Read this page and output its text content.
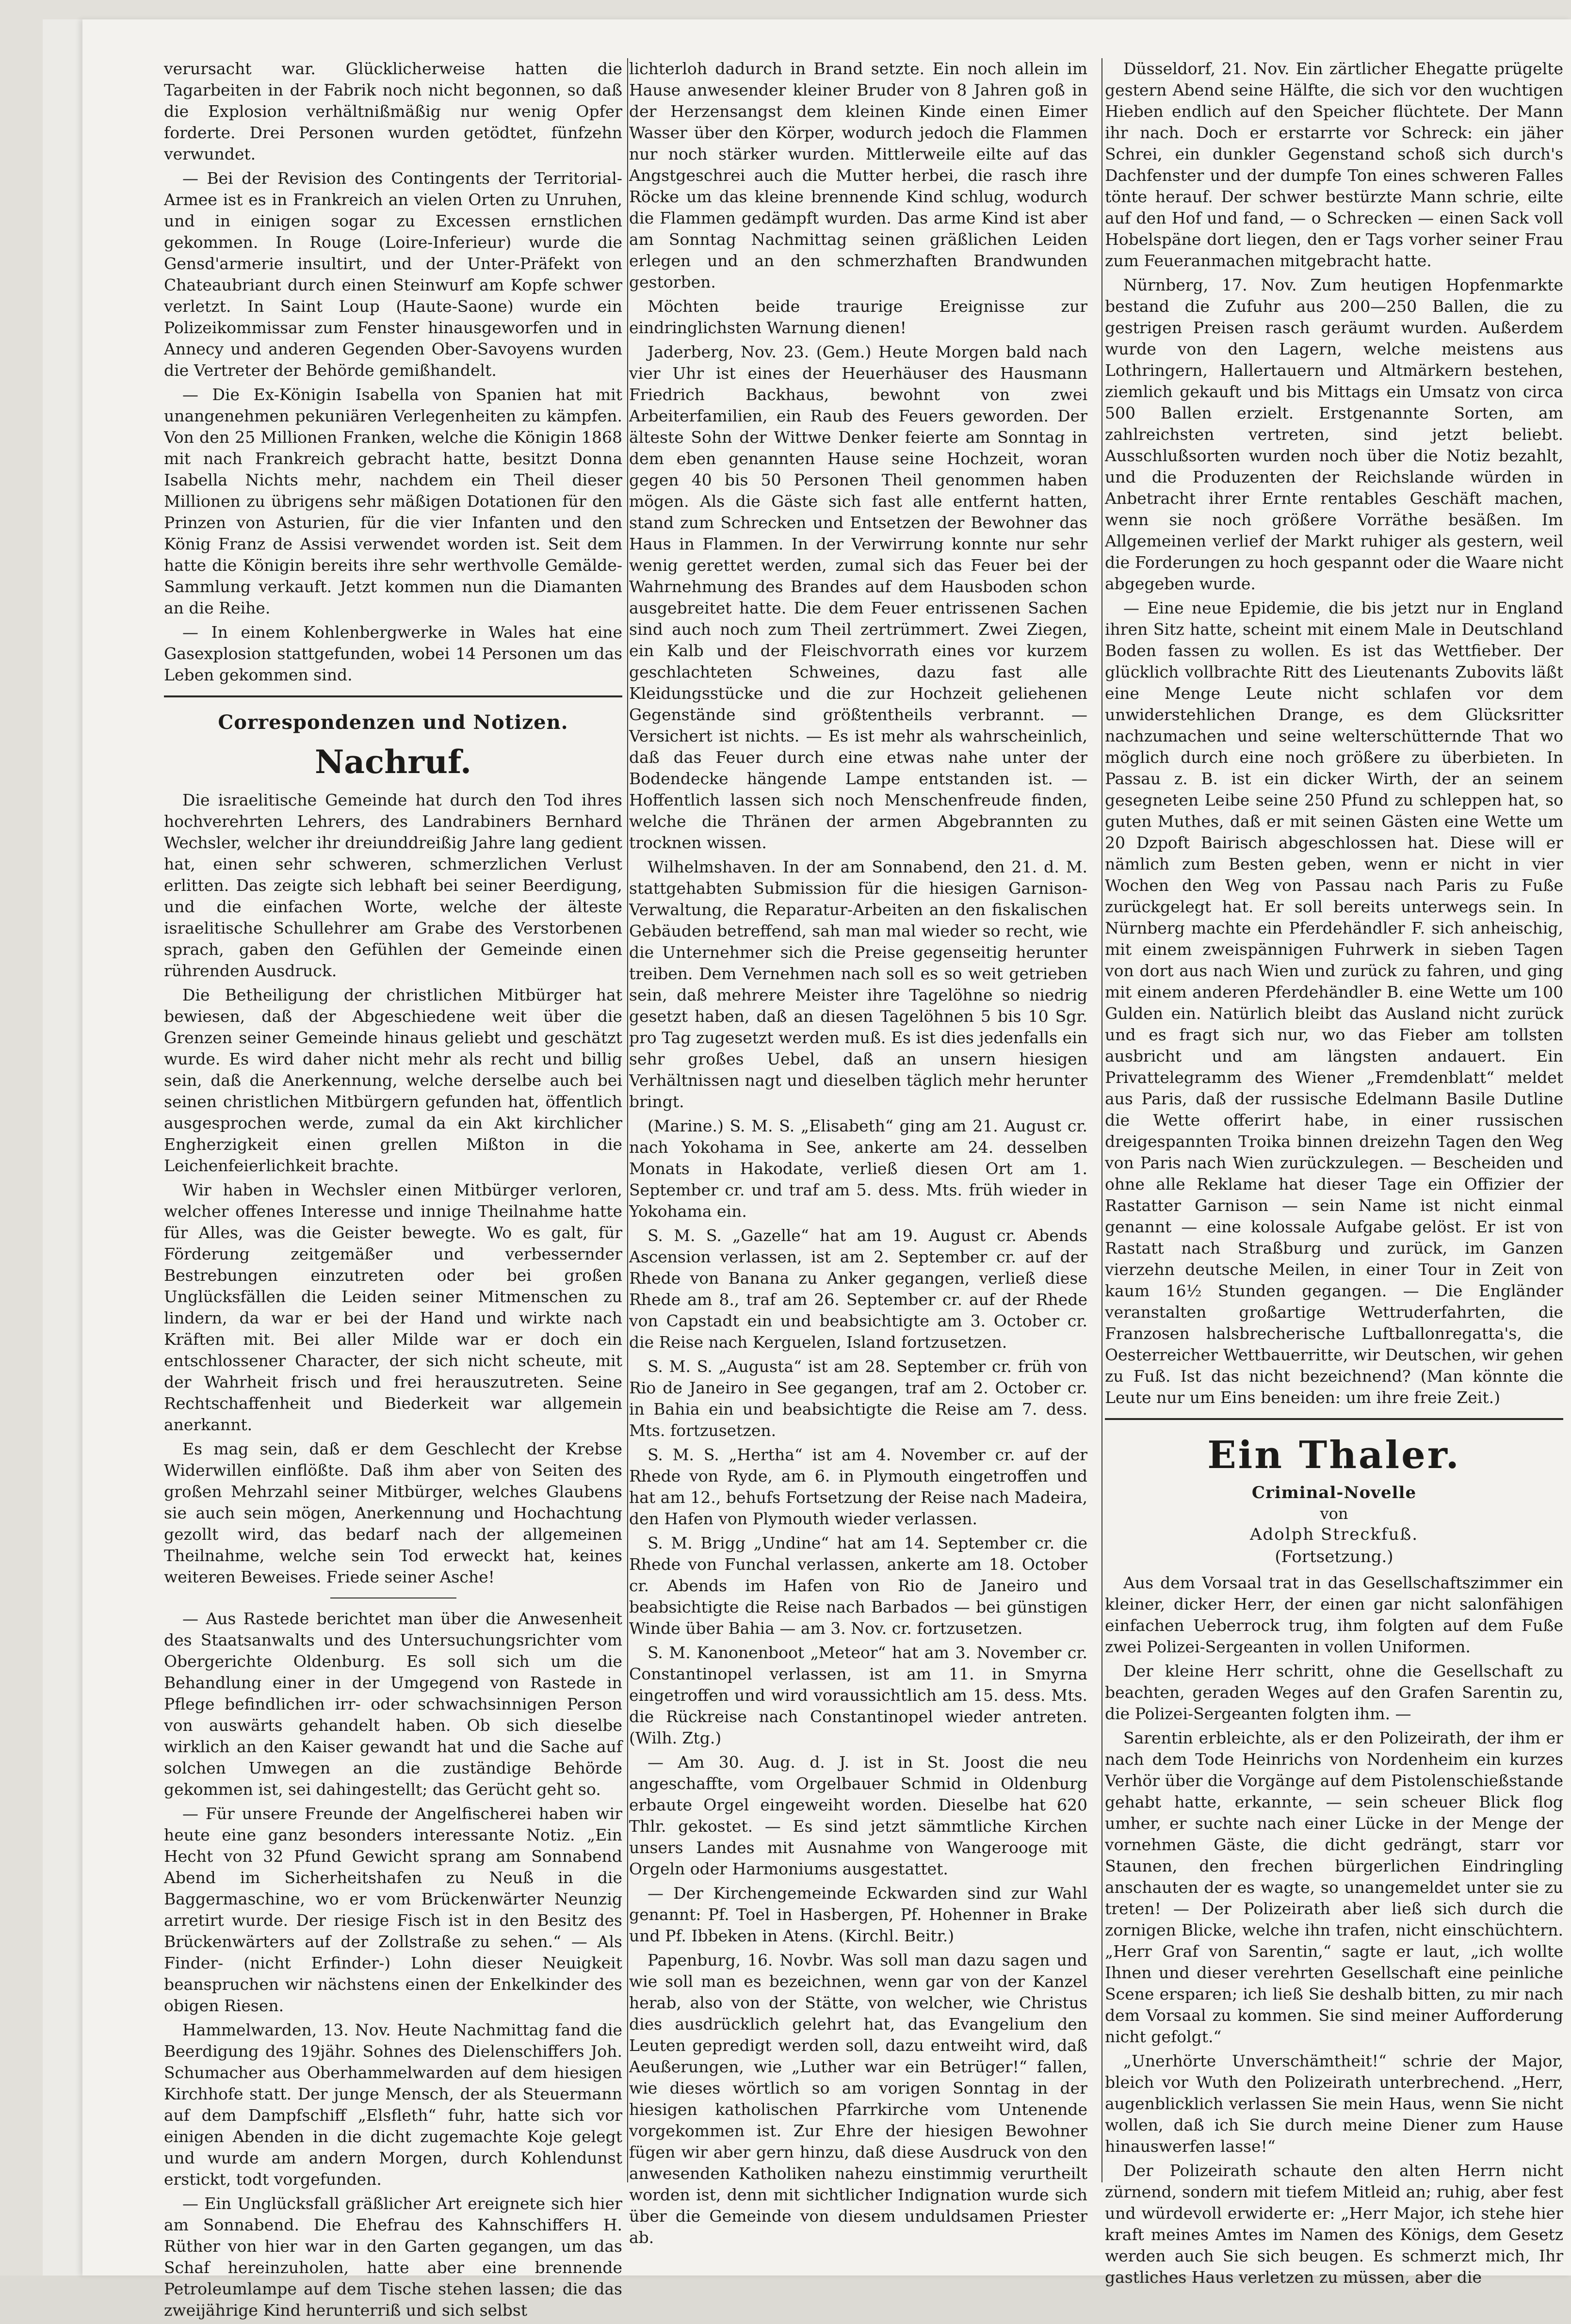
verursacht war. Glücklicherweise hatten die Tagarbeiten in der Fabrik noch nicht begonnen, so daß die Explosion verhältnißmäßig nur wenig Opfer forderte. Drei Personen wurden getödtet, fünfzehn verwundet.

— Bei der Revision des Contingents der Territorial-Armee ist es in Frankreich an vielen Orten zu Unruhen, und in einigen sogar zu Excessen ernstlichen gekommen. In Rouge (Loire-Inferieur) wurde die Gensd'armerie insultirt, und der Unter-Präfekt von Chateaubriant durch einen Steinwurf am Kopfe schwer verletzt. In Saint Loup (Haute-Saone) wurde ein Polizeikommissar zum Fenster hinausgeworfen und in Annecy und anderen Gegenden Ober-Savoyens wurden die Vertreter der Behörde gemißhandelt.

— Die Ex-Königin Isabella von Spanien hat mit unangenehmen pekuniären Verlegenheiten zu kämpfen. Von den 25 Millionen Franken, welche die Königin 1868 mit nach Frankreich gebracht hatte, besitzt Donna Isabella Nichts mehr, nachdem ein Theil dieser Millionen zu übrigens sehr mäßigen Dotationen für den Prinzen von Asturien, für die vier Infanten und den König Franz de Assisi verwendet worden ist. Seit dem hatte die Königin bereits ihre sehr werthvolle Gemälde-Sammlung verkauft. Jetzt kommen nun die Diamanten an die Reihe.

— In einem Kohlenbergwerke in Wales hat eine Gasexplosion stattgefunden, wobei 14 Personen um das Leben gekommen sind.

Correspondenzen und Notizen.
Nachruf.

Die israelitische Gemeinde hat durch den Tod ihres hochverehrten Lehrers, des Landrabiners Bernhard Wechsler, welcher ihr dreiunddreißig Jahre lang gedient hat, einen sehr schweren, schmerzlichen Verlust erlitten. Das zeigte sich lebhaft bei seiner Beerdigung, und die einfachen Worte, welche der älteste israelitische Schullehrer am Grabe des Verstorbenen sprach, gaben den Gefühlen der Gemeinde einen rührenden Ausdruck.

Die Betheiligung der christlichen Mitbürger hat bewiesen, daß der Abgeschiedene weit über die Grenzen seiner Gemeinde hinaus geliebt und geschätzt wurde. Es wird daher nicht mehr als recht und billig sein, daß die Anerkennung, welche derselbe auch bei seinen christlichen Mitbürgern gefunden hat, öffentlich ausgesprochen werde, zumal da ein Akt kirchlicher Engherzigkeit einen grellen Mißton in die Leichenfeierlichkeit brachte.

Wir haben in Wechsler einen Mitbürger verloren, welcher offenes Interesse und innige Theilnahme hatte für Alles, was die Geister bewegte. Wo es galt, für Förderung zeitgemäßer und verbessernder Bestrebungen einzutreten oder bei großen Unglücksfällen die Leiden seiner Mitmenschen zu lindern, da war er bei der Hand und wirkte nach Kräften mit. Bei aller Milde war er doch ein entschlossener Character, der sich nicht scheute, mit der Wahrheit frisch und frei herauszutreten. Seine Rechtschaffenheit und Biederkeit war allgemein anerkannt.

Es mag sein, daß er dem Geschlecht der Krebse Widerwillen einflößte. Daß ihm aber von Seiten des großen Mehrzahl seiner Mitbürger, welches Glaubens sie auch sein mögen, Anerkennung und Hochachtung gezollt wird, das bedarf nach der allgemeinen Theilnahme, welche sein Tod erweckt hat, keines weiteren Beweises. Friede seiner Asche!

— Aus Rastede berichtet man über die Anwesenheit des Staatsanwalts und des Untersuchungsrichter vom Obergerichte Oldenburg. Es soll sich um die Behandlung einer in der Umgegend von Rastede in Pflege befindlichen irr- oder schwachsinnigen Person von auswärts gehandelt haben. Ob sich dieselbe wirklich an den Kaiser gewandt hat und die Sache auf solchen Umwegen an die zuständige Behörde gekommen ist, sei dahingestellt; das Gerücht geht so.

— Für unsere Freunde der Angelfischerei haben wir heute eine ganz besonders interessante Notiz. „Ein Hecht von 32 Pfund Gewicht sprang am Sonnabend Abend im Sicherheitshafen zu Neuß in die Baggermaschine, wo er vom Brückenwärter Neunzig arretirt wurde. Der riesige Fisch ist in den Besitz des Brückenwärters auf der Zollstraße zu sehen.“ — Als Finder- (nicht Erfinder-) Lohn dieser Neuigkeit beanspruchen wir nächstens einen der Enkelkinder des obigen Riesen.

Hammelwarden, 13. Nov. Heute Nachmittag fand die Beerdigung des 19jähr. Sohnes des Dielenschiffers Joh. Schumacher aus Oberhammelwarden auf dem hiesigen Kirchhofe statt. Der junge Mensch, der als Steuermann auf dem Dampfschiff „Elsfleth“ fuhr, hatte sich vor einigen Abenden in die dicht zugemachte Koje gelegt und wurde am andern Morgen, durch Kohlendunst erstickt, todt vorgefunden.

— Ein Unglücksfall gräßlicher Art ereignete sich hier am Sonnabend. Die Ehefrau des Kahnschiffers H. Rüther von hier war in den Garten gegangen, um das Schaf hereinzuholen, hatte aber eine brennende Petroleumlampe auf dem Tische stehen lassen; die das zweijährige Kind herunterriß und sich selbst

lichterloh dadurch in Brand setzte. Ein noch allein im Hause anwesender kleiner Bruder von 8 Jahren goß in der Herzensangst dem kleinen Kinde einen Eimer Wasser über den Körper, wodurch jedoch die Flammen nur noch stärker wurden. Mittlerweile eilte auf das Angstgeschrei auch die Mutter herbei, die rasch ihre Röcke um das kleine brennende Kind schlug, wodurch die Flammen gedämpft wurden. Das arme Kind ist aber am Sonntag Nachmittag seinen gräßlichen Leiden erlegen und an den schmerzhaften Brandwunden gestorben.

Möchten beide traurige Ereignisse zur eindringlichsten Warnung dienen!

Jaderberg, Nov. 23. (Gem.) Heute Morgen bald nach vier Uhr ist eines der Heuerhäuser des Hausmann Friedrich Backhaus, bewohnt von zwei Arbeiterfamilien, ein Raub des Feuers geworden. Der älteste Sohn der Wittwe Denker feierte am Sonntag in dem eben genannten Hause seine Hochzeit, woran gegen 40 bis 50 Personen Theil genommen haben mögen. Als die Gäste sich fast alle entfernt hatten, stand zum Schrecken und Entsetzen der Bewohner das Haus in Flammen. In der Verwirrung konnte nur sehr wenig gerettet werden, zumal sich das Feuer bei der Wahrnehmung des Brandes auf dem Hausboden schon ausgebreitet hatte. Die dem Feuer entrissenen Sachen sind auch noch zum Theil zertrümmert. Zwei Ziegen, ein Kalb und der Fleischvorrath eines vor kurzem geschlachteten Schweines, dazu fast alle Kleidungsstücke und die zur Hochzeit geliehenen Gegenstände sind größtentheils verbrannt. — Versichert ist nichts. — Es ist mehr als wahrscheinlich, daß das Feuer durch eine etwas nahe unter der Bodendecke hängende Lampe entstanden ist. — Hoffentlich lassen sich noch Menschenfreude finden, welche die Thränen der armen Abgebrannten zu trocknen wissen.

Wilhelmshaven. In der am Sonnabend, den 21. d. M. stattgehabten Submission für die hiesigen Garnison-Verwaltung, die Reparatur-Arbeiten an den fiskalischen Gebäuden betreffend, sah man mal wieder so recht, wie die Unternehmer sich die Preise gegenseitig herunter treiben. Dem Vernehmen nach soll es so weit getrieben sein, daß mehrere Meister ihre Tagelöhne so niedrig gesetzt haben, daß an diesen Tagelöhnen 5 bis 10 Sgr. pro Tag zugesetzt werden muß. Es ist dies jedenfalls ein sehr großes Uebel, daß an unsern hiesigen Verhältnissen nagt und dieselben täglich mehr herunter bringt.

(Marine.) S. M. S. „Elisabeth“ ging am 21. August cr. nach Yokohama in See, ankerte am 24. desselben Monats in Hakodate, verließ diesen Ort am 1. September cr. und traf am 5. dess. Mts. früh wieder in Yokohama ein.

S. M. S. „Gazelle“ hat am 19. August cr. Abends Ascension verlassen, ist am 2. September cr. auf der Rhede von Banana zu Anker gegangen, verließ diese Rhede am 8., traf am 26. September cr. auf der Rhede von Capstadt ein und beabsichtigte am 3. October cr. die Reise nach Kerguelen, Island fortzusetzen.

S. M. S. „Augusta“ ist am 28. September cr. früh von Rio de Janeiro in See gegangen, traf am 2. October cr. in Bahia ein und beabsichtigte die Reise am 7. dess. Mts. fortzusetzen.

S. M. S. „Hertha“ ist am 4. November cr. auf der Rhede von Ryde, am 6. in Plymouth eingetroffen und hat am 12., behufs Fortsetzung der Reise nach Madeira, den Hafen von Plymouth wieder verlassen.

S. M. Brigg „Undine“ hat am 14. September cr. die Rhede von Funchal verlassen, ankerte am 18. October cr. Abends im Hafen von Rio de Janeiro und beabsichtigte die Reise nach Barbados — bei günstigen Winde über Bahia — am 3. Nov. cr. fortzusetzen.

S. M. Kanonenboot „Meteor“ hat am 3. November cr. Constantinopel verlassen, ist am 11. in Smyrna eingetroffen und wird voraussichtlich am 15. dess. Mts. die Rückreise nach Constantinopel wieder antreten. (Wilh. Ztg.)

— Am 30. Aug. d. J. ist in St. Joost die neu angeschaffte, vom Orgelbauer Schmid in Oldenburg erbaute Orgel eingeweiht worden. Dieselbe hat 620 Thlr. gekostet. — Es sind jetzt sämmtliche Kirchen unsers Landes mit Ausnahme von Wangerooge mit Orgeln oder Harmoniums ausgestattet.

— Der Kirchengemeinde Eckwarden sind zur Wahl genannt: Pf. Toel in Hasbergen, Pf. Hohenner in Brake und Pf. Ibbeken in Atens. (Kirchl. Beitr.)

Papenburg, 16. Novbr. Was soll man dazu sagen und wie soll man es bezeichnen, wenn gar von der Kanzel herab, also von der Stätte, von welcher, wie Christus dies ausdrücklich gelehrt hat, das Evangelium den Leuten gepredigt werden soll, dazu entweiht wird, daß Aeußerungen, wie „Luther war ein Betrüger!“ fallen, wie dieses wörtlich so am vorigen Sonntag in der hiesigen katholischen Pfarrkirche vom Untenende vorgekommen ist. Zur Ehre der hiesigen Bewohner fügen wir aber gern hinzu, daß diese Ausdruck von den anwesenden Katholiken nahezu einstimmig verurtheilt worden ist, denn mit sichtlicher Indignation wurde sich über die Gemeinde von diesem unduldsamen Priester ab.

Düsseldorf, 21. Nov. Ein zärtlicher Ehegatte prügelte gestern Abend seine Hälfte, die sich vor den wuchtigen Hieben endlich auf den Speicher flüchtete. Der Mann ihr nach. Doch er erstarrte vor Schreck: ein jäher Schrei, ein dunkler Gegenstand schoß sich durch's Dachfenster und der dumpfe Ton eines schweren Falles tönte herauf. Der schwer bestürzte Mann schrie, eilte auf den Hof und fand, — o Schrecken — einen Sack voll Hobelspäne dort liegen, den er Tags vorher seiner Frau zum Feueranmachen mitgebracht hatte.

Nürnberg, 17. Nov. Zum heutigen Hopfenmarkte bestand die Zufuhr aus 200—250 Ballen, die zu gestrigen Preisen rasch geräumt wurden. Außerdem wurde von den Lagern, welche meistens aus Lothringern, Hallertauern und Altmärkern bestehen, ziemlich gekauft und bis Mittags ein Umsatz von circa 500 Ballen erzielt. Erstgenannte Sorten, am zahlreichsten vertreten, sind jetzt beliebt. Ausschlußsorten wurden noch über die Notiz bezahlt, und die Produzenten der Reichslande würden in Anbetracht ihrer Ernte rentables Geschäft machen, wenn sie noch größere Vorräthe besäßen. Im Allgemeinen verlief der Markt ruhiger als gestern, weil die Forderungen zu hoch gespannt oder die Waare nicht abgegeben wurde.

— Eine neue Epidemie, die bis jetzt nur in England ihren Sitz hatte, scheint mit einem Male in Deutschland Boden fassen zu wollen. Es ist das Wettfieber. Der glücklich vollbrachte Ritt des Lieutenants Zubovits läßt eine Menge Leute nicht schlafen vor dem unwiderstehlichen Drange, es dem Glücksritter nachzumachen und seine welterschütternde That wo möglich durch eine noch größere zu überbieten. In Passau z. B. ist ein dicker Wirth, der an seinem gesegneten Leibe seine 250 Pfund zu schleppen hat, so guten Muthes, daß er mit seinen Gästen eine Wette um 20 Dzpoft Bairisch abgeschlossen hat. Diese will er nämlich zum Besten geben, wenn er nicht in vier Wochen den Weg von Passau nach Paris zu Fuße zurückgelegt hat. Er soll bereits unterwegs sein. In Nürnberg machte ein Pferdehändler F. sich anheischig, mit einem zweispännigen Fuhrwerk in sieben Tagen von dort aus nach Wien und zurück zu fahren, und ging mit einem anderen Pferdehändler B. eine Wette um 100 Gulden ein. Natürlich bleibt das Ausland nicht zurück und es fragt sich nur, wo das Fieber am tollsten ausbricht und am längsten andauert. Ein Privattelegramm des Wiener „Fremdenblatt“ meldet aus Paris, daß der russische Edelmann Basile Dutline die Wette offerirt habe, in einer russischen dreigespannten Troika binnen dreizehn Tagen den Weg von Paris nach Wien zurückzulegen. — Bescheiden und ohne alle Reklame hat dieser Tage ein Offizier der Rastatter Garnison — sein Name ist nicht einmal genannt — eine kolossale Aufgabe gelöst. Er ist von Rastatt nach Straßburg und zurück, im Ganzen vierzehn deutsche Meilen, in einer Tour in Zeit von kaum 16½ Stunden gegangen. — Die Engländer veranstalten großartige Wettruderfahrten, die Franzosen halsbrecherische Luftballonregatta's, die Oesterreicher Wettbauerritte, wir Deutschen, wir gehen zu Fuß. Ist das nicht bezeichnend? (Man könnte die Leute nur um Eins beneiden: um ihre freie Zeit.)

Ein Thaler.
Criminal-Novelle
von
Adolph Streckfuß.
(Fortsetzung.)

Aus dem Vorsaal trat in das Gesellschaftszimmer ein kleiner, dicker Herr, der einen gar nicht salonfähigen einfachen Ueberrock trug, ihm folgten auf dem Fuße zwei Polizei-Sergeanten in vollen Uniformen.

Der kleine Herr schritt, ohne die Gesellschaft zu beachten, geraden Weges auf den Grafen Sarentin zu, die Polizei-Sergeanten folgten ihm. —

Sarentin erbleichte, als er den Polizeirath, der ihm er nach dem Tode Heinrichs von Nordenheim ein kurzes Verhör über die Vorgänge auf dem Pistolenschießstande gehabt hatte, erkannte, — sein scheuer Blick flog umher, er suchte nach einer Lücke in der Menge der vornehmen Gäste, die dicht gedrängt, starr vor Staunen, den frechen bürgerlichen Eindringling anschauten der es wagte, so unangemeldet unter sie zu treten! — Der Polizeirath aber ließ sich durch die zornigen Blicke, welche ihn trafen, nicht einschüchtern. „Herr Graf von Sarentin,“ sagte er laut, „ich wollte Ihnen und dieser verehrten Gesellschaft eine peinliche Scene ersparen; ich ließ Sie deshalb bitten, zu mir nach dem Vorsaal zu kommen. Sie sind meiner Aufforderung nicht gefolgt.“

„Unerhörte Unverschämtheit!“ schrie der Major, bleich vor Wuth den Polizeirath unterbrechend. „Herr, augenblicklich verlassen Sie mein Haus, wenn Sie nicht wollen, daß ich Sie durch meine Diener zum Hause hinauswerfen lasse!“

Der Polizeirath schaute den alten Herrn nicht zürnend, sondern mit tiefem Mitleid an; ruhig, aber fest und würdevoll erwiderte er: „Herr Major, ich stehe hier kraft meines Amtes im Namen des Königs, dem Gesetz werden auch Sie sich beugen. Es schmerzt mich, Ihr gastliches Haus verletzen zu müssen, aber die
